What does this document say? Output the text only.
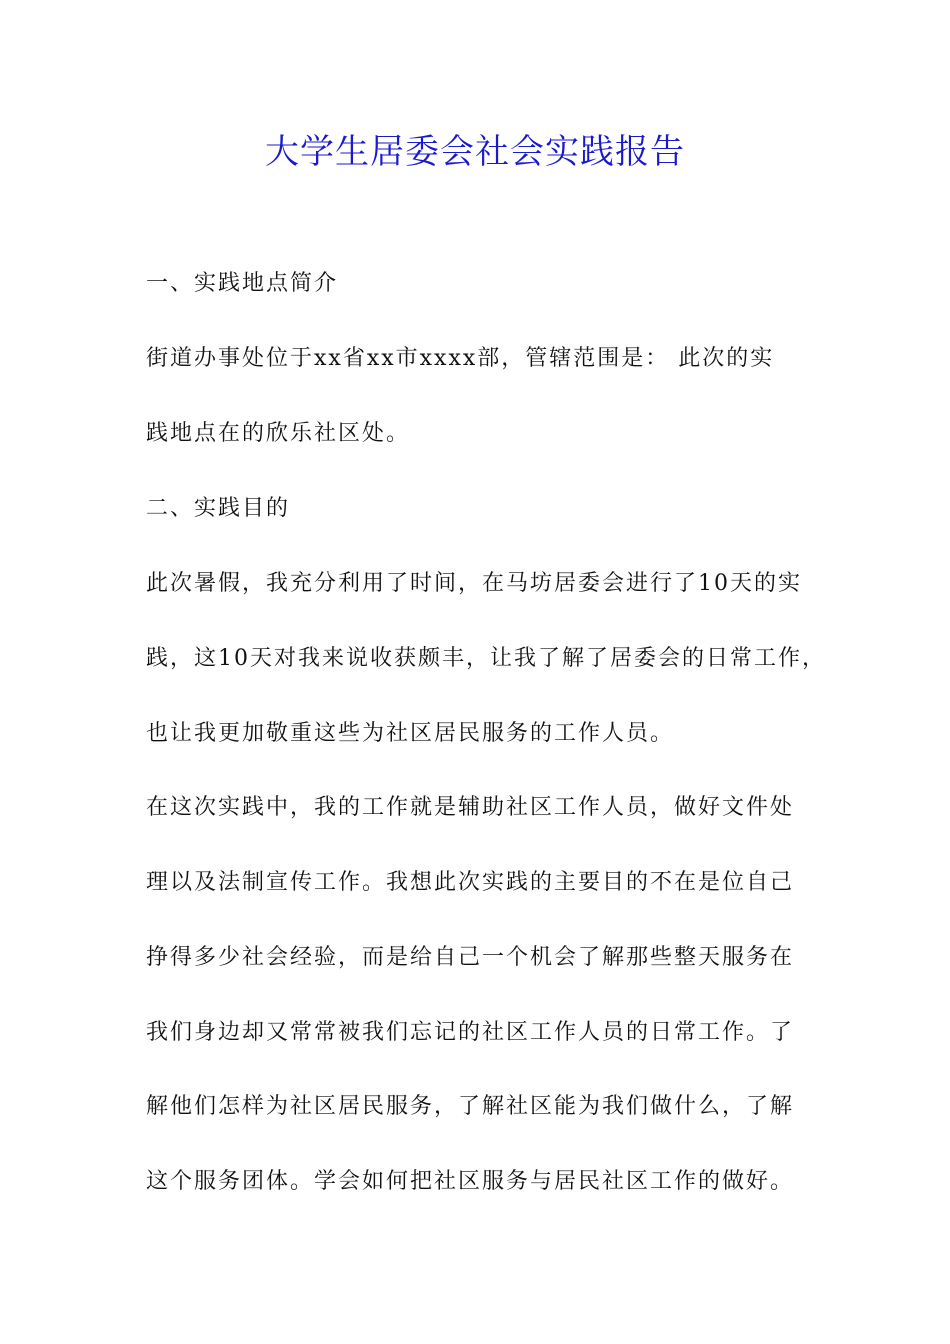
大学生居委会社会实践报告
一、实践地点简介
街道办事处位于xx省xx市xxxx部，管辖范围是： 此次的实
践地点在的欣乐社区处。
二、实践目的
此次暑假，我充分利用了时间，在马坊居委会进行了10天的实
践，这10天对我来说收获颇丰，让我了解了居委会的日常工作，
也让我更加敬重这些为社区居民服务的工作人员。
在这次实践中，我的工作就是辅助社区工作人员，做好文件处
理以及法制宣传工作。我想此次实践的主要目的不在是位自己
挣得多少社会经验，而是给自己一个机会了解那些整天服务在
我们身边却又常常被我们忘记的社区工作人员的日常工作。了
解他们怎样为社区居民服务，了解社区能为我们做什么，了解
这个服务团体。学会如何把社区服务与居民社区工作的做好。
